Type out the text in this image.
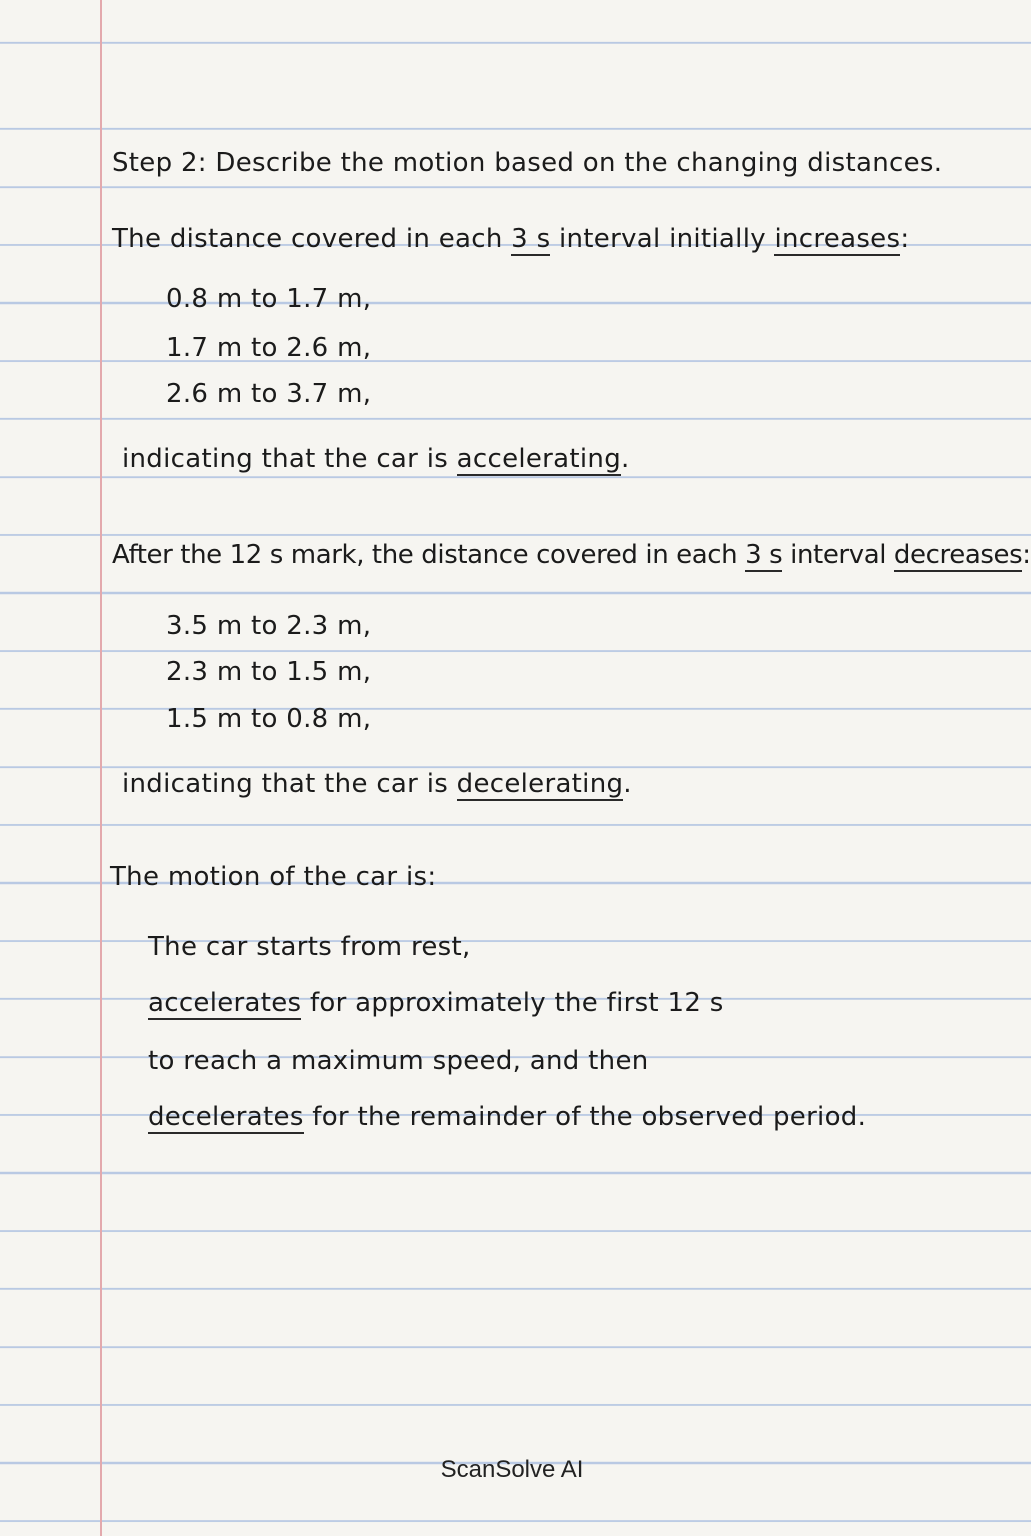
Step 2: Describe the motion based on the changing distances.

The distance covered in each 3 s interval initially increases:

0.8 m to 1.7 m,

1.7 m to 2.6 m,

2.6 m to 3.7 m,

indicating that the car is accelerating.

After the 12 s mark, the distance covered in each 3 s interval decreases:

3.5 m to 2.3 m,

2.3 m to 1.5 m,

1.5 m to 0.8 m,

indicating that the car is decelerating.

The motion of the car is:

The car starts from rest,

accelerates for approximately the first 12 s

to reach a maximum speed, and then

decelerates for the remainder of the observed period.

ScanSolve AI
